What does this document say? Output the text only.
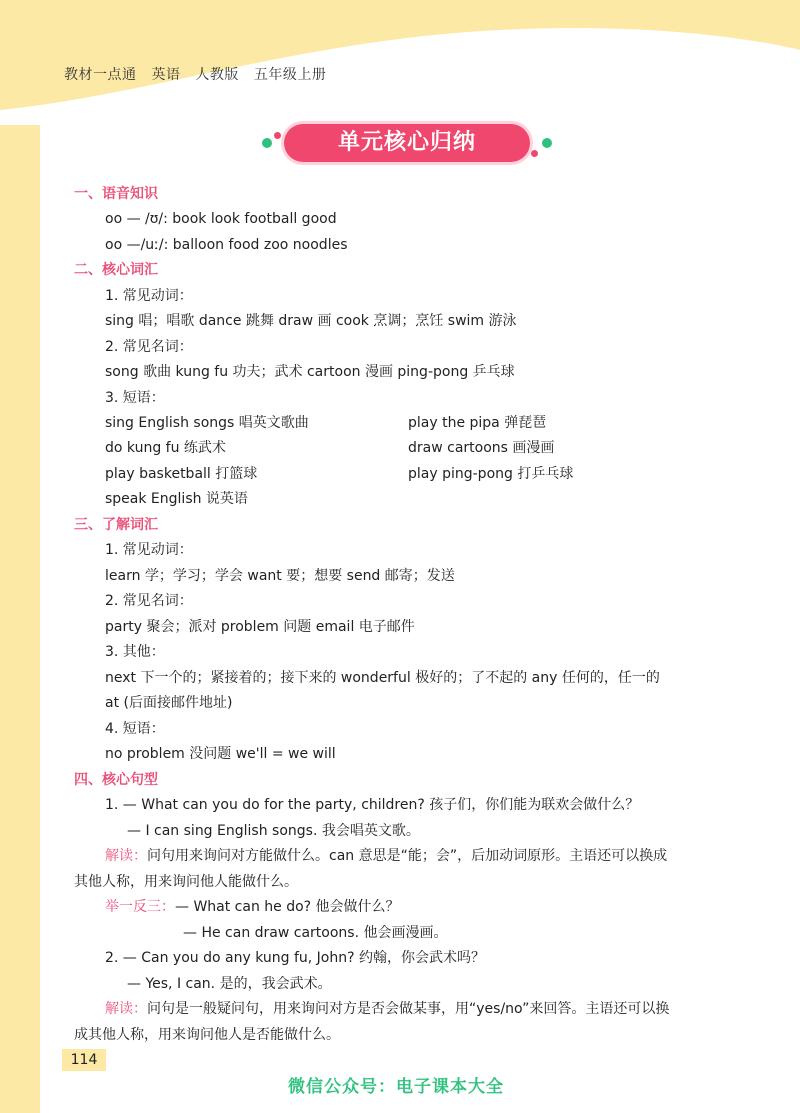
教材一点通 英语 人教版 五年级上册
单元核心归纳
一、语音知识
oo — /ʊ/: book look football good
oo —/uː/: balloon food zoo noodles
二、核心词汇
1. 常见动词：
sing 唱；唱歌 dance 跳舞 draw 画 cook 烹调；烹饪 swim 游泳
2. 常见名词：
song 歌曲 kung fu 功夫；武术 cartoon 漫画 ping-pong 乒乓球
3. 短语：
sing English songs 唱英文歌曲	play the pipa 弹琵琶
do kung fu 练武术	draw cartoons 画漫画
play basketball 打篮球	play ping-pong 打乒乓球
speak English 说英语
三、了解词汇
1. 常见动词：
learn 学；学习；学会 want 要；想要 send 邮寄；发送
2. 常见名词：
party 聚会；派对 problem 问题 email 电子邮件
3. 其他：
next 下一个的；紧接着的；接下来的 wonderful 极好的；了不起的 any 任何的，任一的
at (后面接邮件地址)
4. 短语：
no problem 没问题 we'll = we will
四、核心句型
1. — What can you do for the party, children? 孩子们，你们能为联欢会做什么？
— I can sing English songs. 我会唱英文歌。
解读：问句用来询问对方能做什么。can 意思是“能；会”，后加动词原形。主语还可以换成
其他人称，用来询问他人能做什么。
举一反三：— What can he do? 他会做什么？
— He can draw cartoons. 他会画漫画。
2. — Can you do any kung fu, John? 约翰，你会武术吗？
— Yes, I can. 是的，我会武术。
解读：问句是一般疑问句，用来询问对方是否会做某事，用“yes/no”来回答。主语还可以换
成其他人称，用来询问他人是否能做什么。
114
微信公众号：电子课本大全
